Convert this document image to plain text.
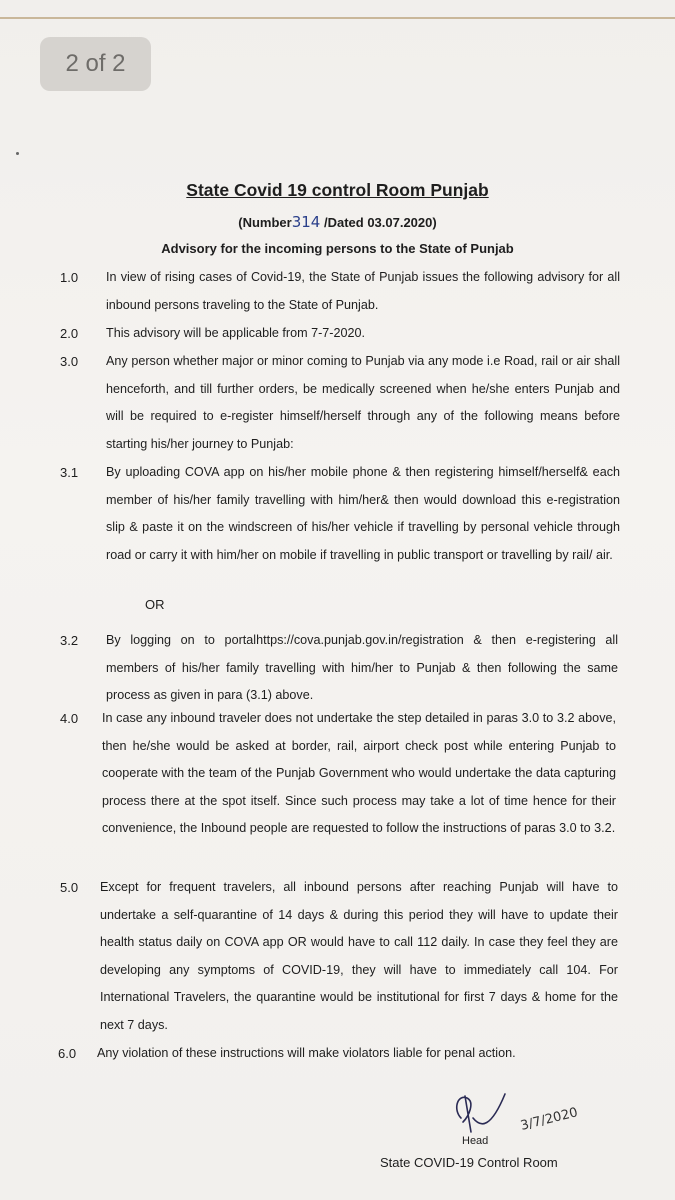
2 of 2
State Covid 19 control Room Punjab
(Number314 /Dated 03.07.2020)
Advisory for the incoming persons to the State of Punjab
1.0 In view of rising cases of Covid-19, the State of Punjab issues the following advisory for all inbound persons traveling to the State of Punjab.
2.0 This advisory will be applicable from 7-7-2020.
3.0 Any person whether major or minor coming to Punjab via any mode i.e Road, rail or air shall henceforth, and till further orders, be medically screened when he/she enters Punjab and will be required to e-register himself/herself through any of the following means before starting his/her journey to Punjab:
3.1 By uploading COVA app on his/her mobile phone & then registering himself/herself& each member of his/her family travelling with him/her& then would download this e-registration slip & paste it on the windscreen of his/her vehicle if travelling by personal vehicle through road or carry it with him/her on mobile if travelling in public transport or travelling by rail/ air.
OR
3.2 By logging on to portalhttps://cova.punjab.gov.in/registration & then e-registering all members of his/her family travelling with him/her to Punjab & then following the same process as given in para (3.1) above.
4.0 In case any inbound traveler does not undertake the step detailed in paras 3.0 to 3.2 above, then he/she would be asked at border, rail, airport check post while entering Punjab to cooperate with the team of the Punjab Government who would undertake the data capturing process there at the spot itself. Since such process may take a lot of time hence for their convenience, the Inbound people are requested to follow the instructions of paras 3.0 to 3.2.
5.0 Except for frequent travelers, all inbound persons after reaching Punjab will have to undertake a self-quarantine of 14 days & during this period they will have to update their health status daily on COVA app OR would have to call 112 daily. In case they feel they are developing any symptoms of COVID-19, they will have to immediately call 104. For International Travelers, the quarantine would be institutional for first 7 days & home for the next 7 days.
6.0 Any violation of these instructions will make violators liable for penal action.
3/7/2020
Head
State COVID-19 Control Room
